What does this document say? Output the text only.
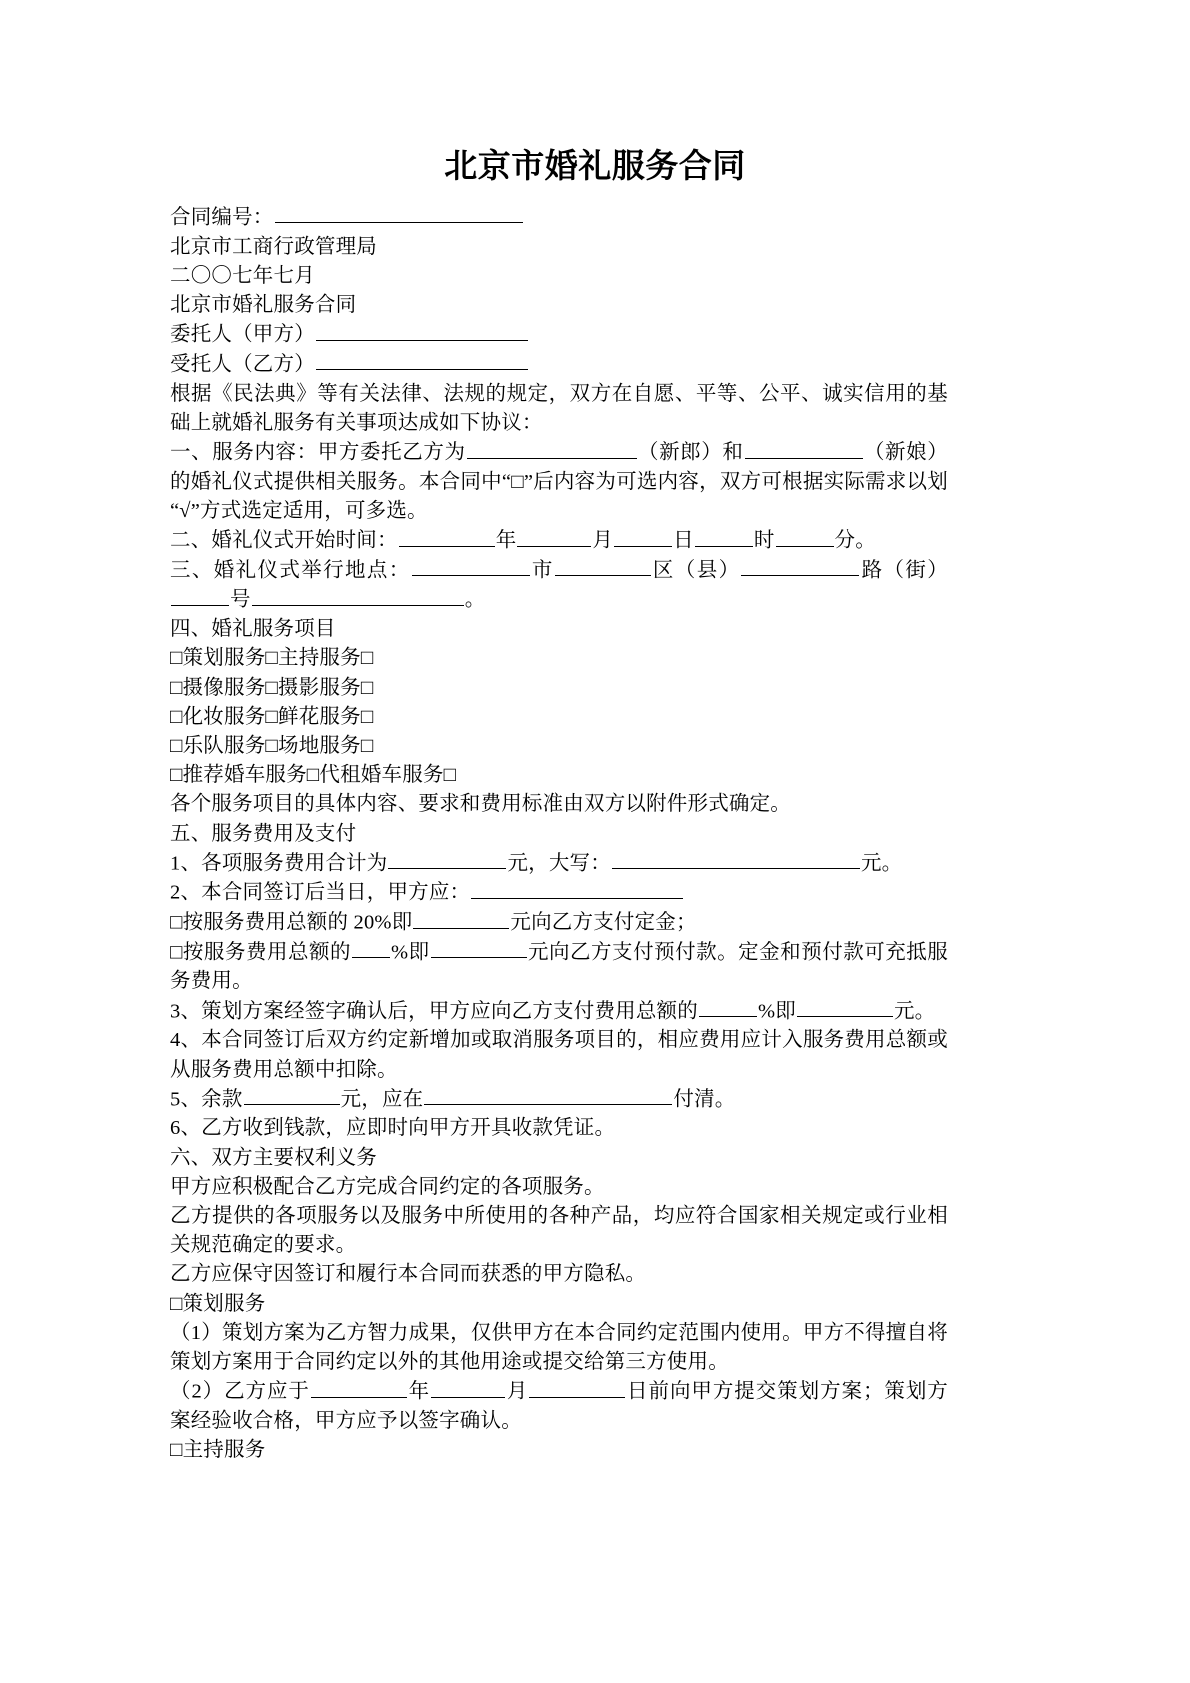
北京市婚礼服务合同
合同编号：
北京市工商行政管理局
二〇〇七年七月
北京市婚礼服务合同
委托人（甲方）
受托人（乙方）
根据《民法典》等有关法律、法规的规定，双方在自愿、平等、公平、诚实信用的基础上就婚礼服务有关事项达成如下协议：
一、服务内容：甲方委托乙方为	（新郎）和	（新娘）的婚礼仪式提供相关服务。本合同中“□”后内容为可选内容，双方可根据实际需求以划“√”方式选定适用，可多选。
二、婚礼仪式开始时间：	年	月	日	时	分。
三、婚礼仪式举行地点：	市	区（县）	路（街）号	。
四、婚礼服务项目
□策划服务□主持服务□
□摄像服务□摄影服务□
□化妆服务□鲜花服务□
□乐队服务□场地服务□
□推荐婚车服务□代租婚车服务□
各个服务项目的具体内容、要求和费用标准由双方以附件形式确定。
五、服务费用及支付
1、各项服务费用合计为	元，大写：	元。
2、本合同签订后当日，甲方应：
□按服务费用总额的 20%即	元向乙方支付定金；
□按服务费用总额的 %即	元向乙方支付预付款。定金和预付款可充抵服务费用。
3、策划方案经签字确认后，甲方应向乙方支付费用总额的	%即	元。
4、本合同签订后双方约定新增加或取消服务项目的，相应费用应计入服务费用总额或从服务费用总额中扣除。
5、余款	元，应在	付清。
6、乙方收到钱款，应即时向甲方开具收款凭证。
六、双方主要权利义务
甲方应积极配合乙方完成合同约定的各项服务。
乙方提供的各项服务以及服务中所使用的各种产品，均应符合国家相关规定或行业相关规范确定的要求。
乙方应保守因签订和履行本合同而获悉的甲方隐私。
□策划服务
（1）策划方案为乙方智力成果，仅供甲方在本合同约定范围内使用。甲方不得擅自将策划方案用于合同约定以外的其他用途或提交给第三方使用。
（2）乙方应于	年	月	日前向甲方提交策划方案；策划方案经验收合格，甲方应予以签字确认。
□主持服务
